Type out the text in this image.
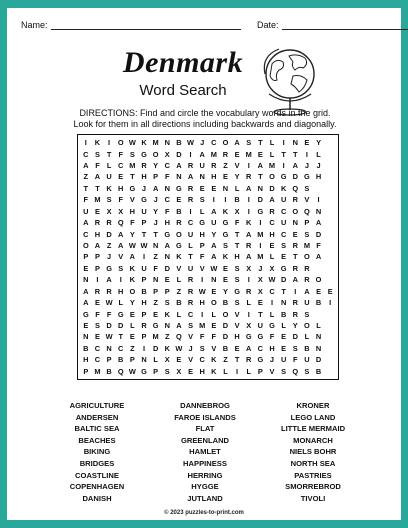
Name:	Date:
Denmark
Word Search
DIRECTIONS: Find and circle the vocabulary words in the grid.
Look for them in all directions including backwards and diagonally.
I	K	I	O W K M N B W J C O A S T L	I	N E Y
C S T F S G O X D	I	A M R E M E L T T	I	L
A F L C M R Y C A R U R Z V	I	A M	I	A J	J
Z A U E T H P F N A N H E Y R T O G D G H
T T K H G J A N G R E E N L A N D K Q S
F M S F V G J C E R S	I	I	B	I	D A U R V	I
U E X X H U Y F B	I	L A K X	I	G R C O Q N
A R R Q F P J H R C G U G F K	I	C U N P A
C H D A Y T T G O U H Y G T A M H C E S D
O A Z A W W N A G L P A S T R	I	E S R M F
P P J V A	I	Z N K T F A K H A M L E T O A
E P G S K U F D V U V W E S X J X G R R
N	I	A	I	K P N E L R	I	N E S	I	X W D A R O
A R R H O B P P Z R W E Y G R X C T	I	A E E
A E W L Y H Z S B R H O B S L E	I	N R U B	I
G F F G E P E K L C	I	L O V	I	T L B R S
E S D D L R G N A S M E D V X U G L Y O L
N E W T E P M Z Q V F F D H G G F E D L N
B C N C Z	I	D K W J S V B E A C H E S B N
H C P B P N L X E V C K Z T R G J U F U D
P M B Q W G P S X E H K L	I	L P V S Q S B
AGRICULTURE
ANDERSEN
BALTIC SEA
BEACHES
BIKING
BRIDGES
COASTLINE
COPENHAGEN
DANISH
DANNEBROG
FAROE ISLANDS
FLAT
GREENLAND
HAMLET
HAPPINESS
HERRING
HYGGE
JUTLAND
KRONER
LEGO LAND
LITTLE MERMAID
MONARCH
NIELS BOHR
NORTH SEA
PASTRIES
SMORREBROD
TIVOLI
© 2023 puzzles-to-print.com
